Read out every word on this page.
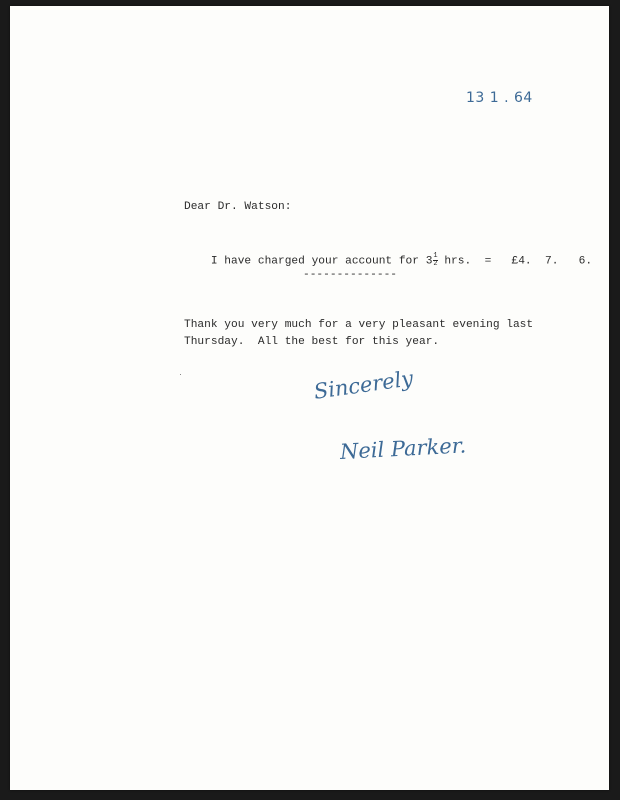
13 1 . 64
Dear Dr. Watson:

I have charged your account for $3 \frac{1}{2}$ hrs.  =   £4.  7.   6.

--------------
Thank you very much for a very pleasant evening last
Thursday.  All the best for this year.
Sincerely
Neil Parker.
